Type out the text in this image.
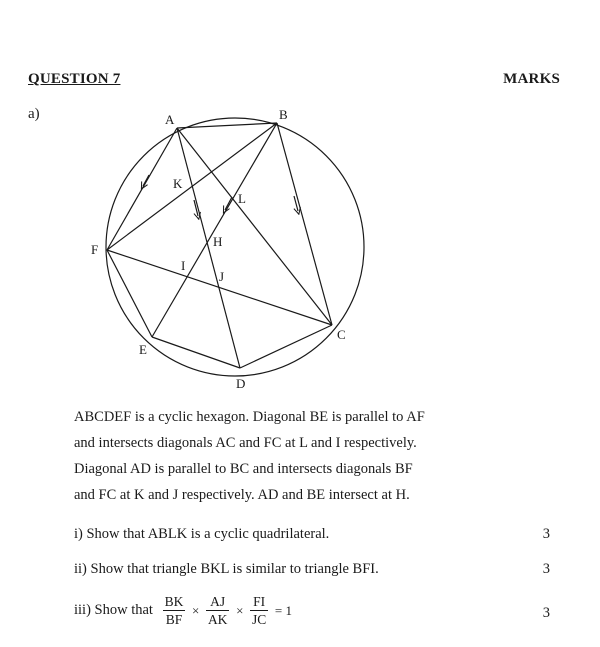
QUESTION 7	MARKS
a)	A	B
C
D
E
F
K
L
H
I
J
ABCDEF is a cyclic hexagon. Diagonal BE is parallel to AF
and intersects diagonals AC and FC at L and I respectively.
Diagonal AD is parallel to BC and intersects diagonals BF
and FC at K and J respectively. AD and BE intersect at H.
i) Show that ABLK is a cyclic quadrilateral.	3
ii) Show that triangle BKL is similar to triangle BFI.	3
iii) Show that $\frac{BK}{BF} \times \frac{AJ}{AK} \times \frac{FI}{JC} = 1$	3
